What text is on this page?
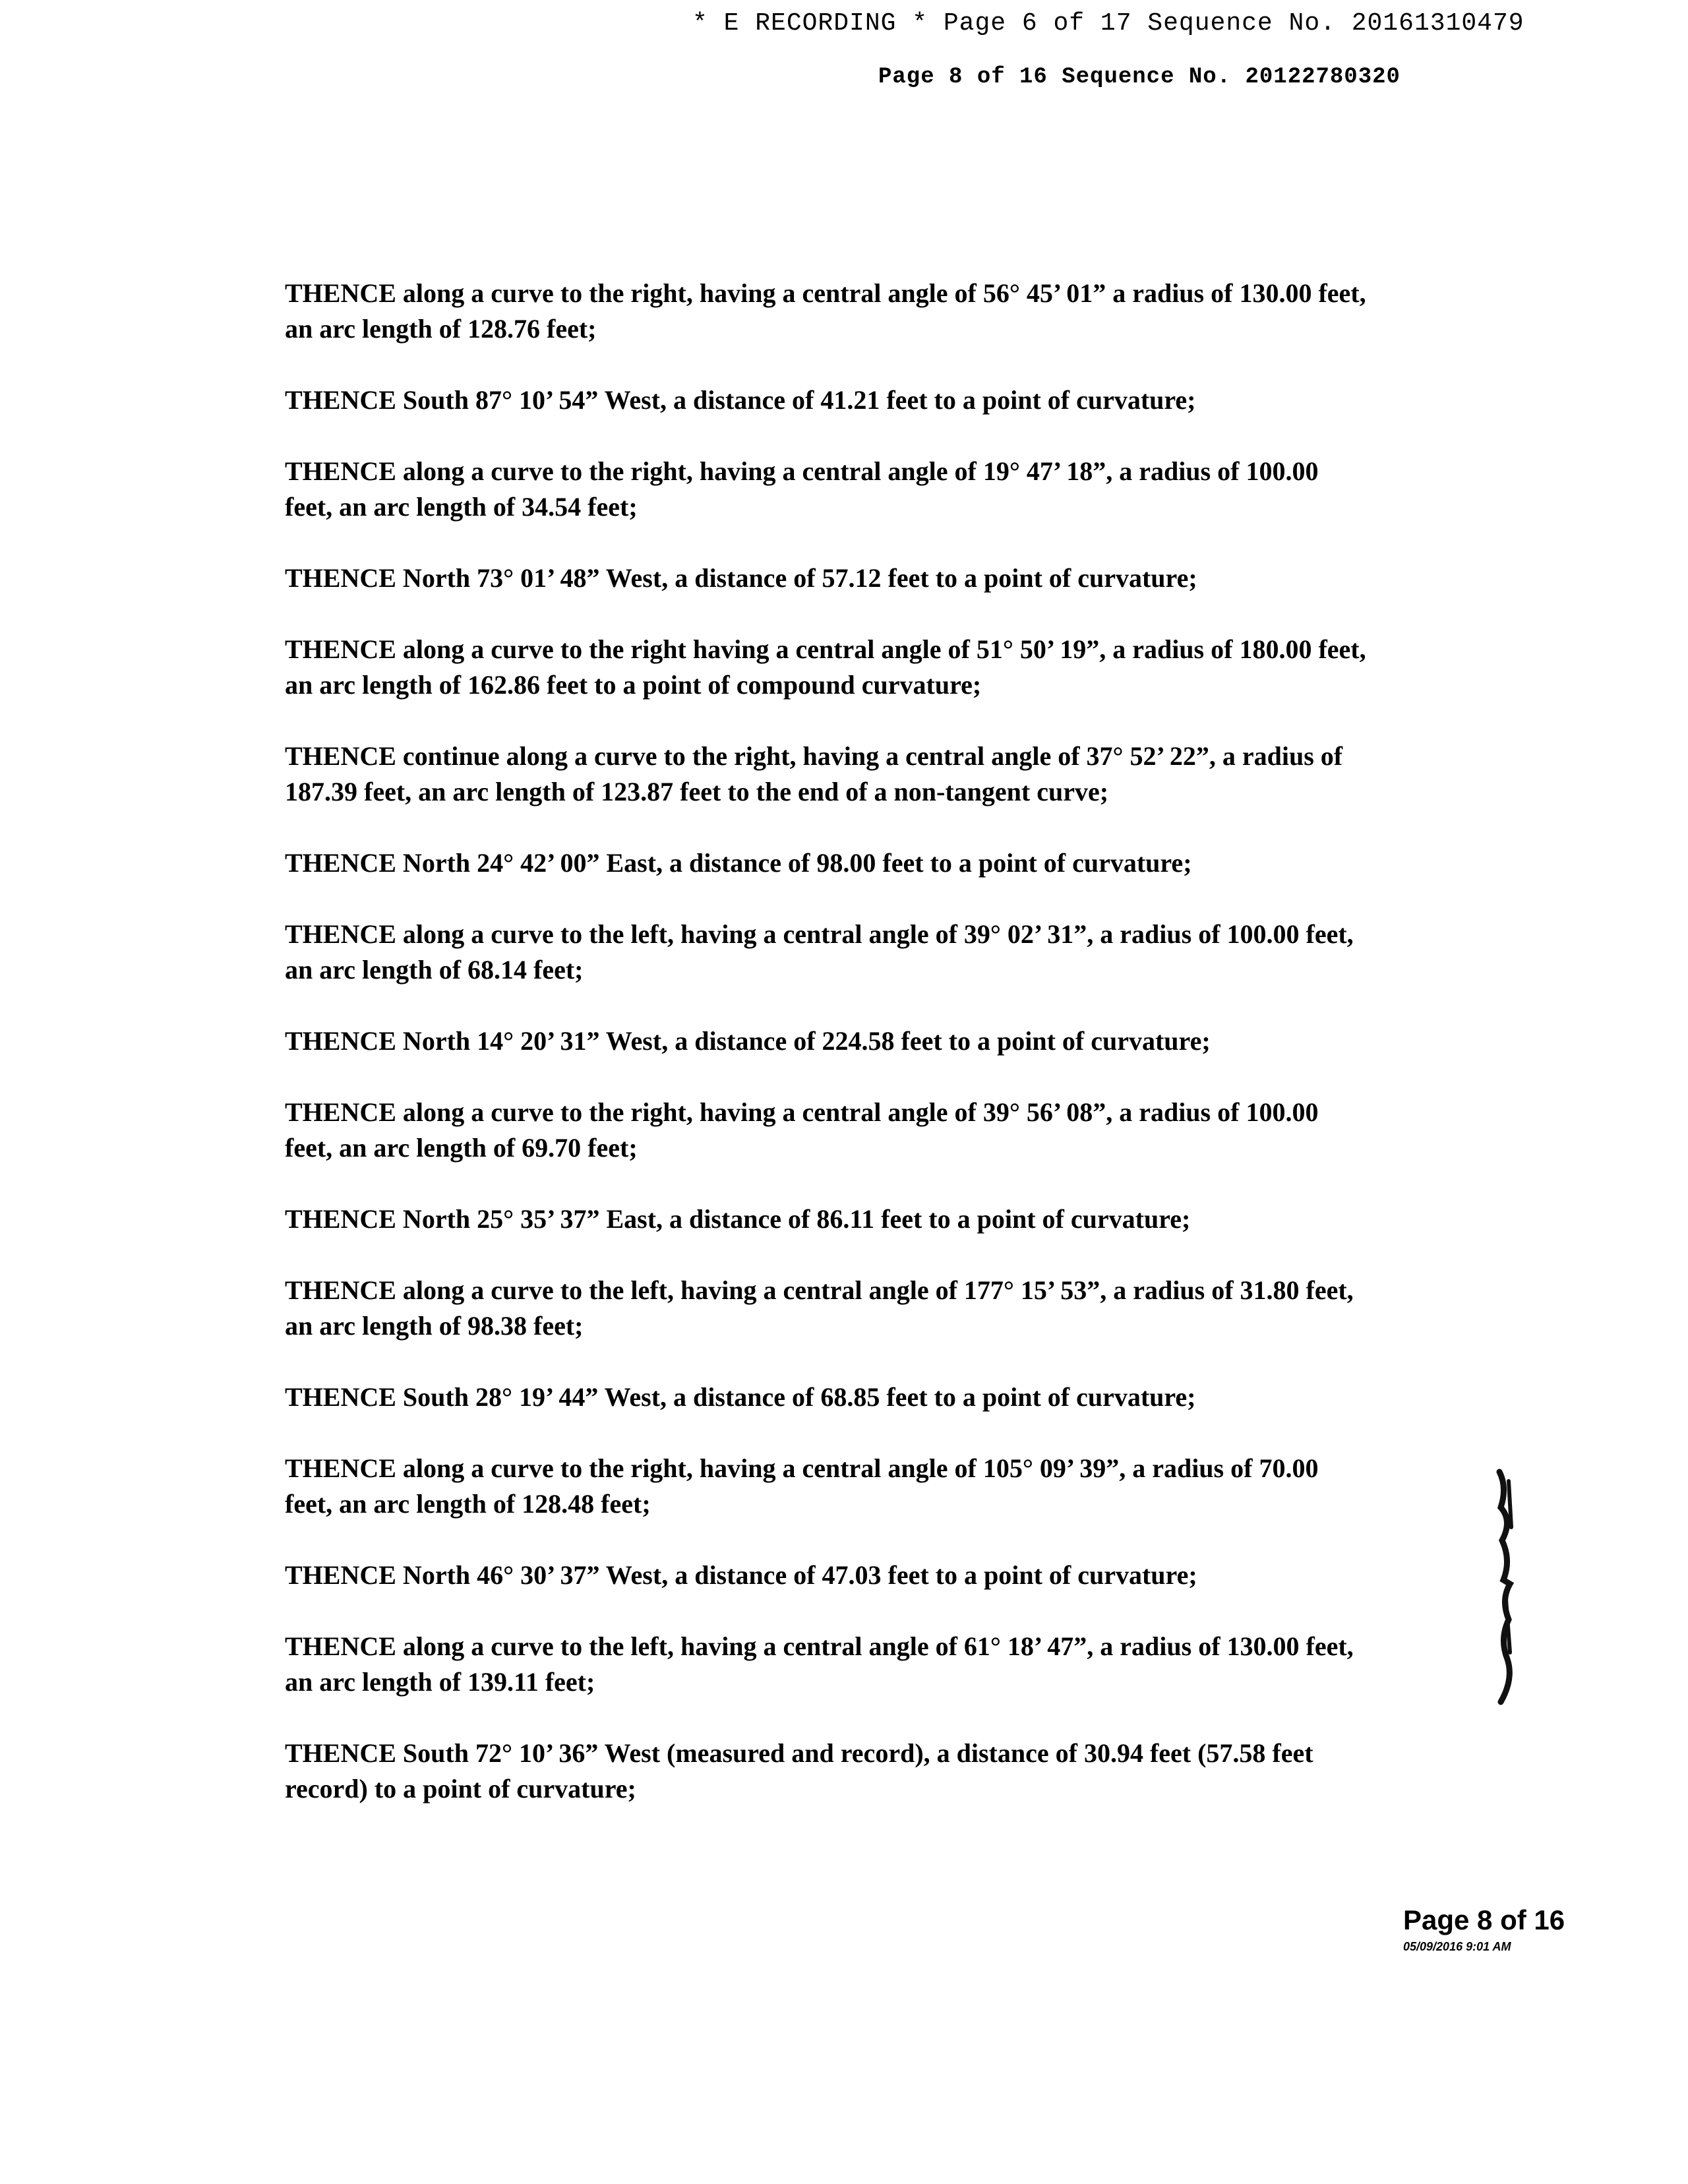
* E RECORDING * Page 6 of 17 Sequence No. 20161310479
Page 8 of 16 Sequence No. 20122780320

THENCE along a curve to the right, having a central angle of 56° 45’ 01” a radius of 130.00 feet, an arc length of 128.76 feet;

THENCE South 87° 10’ 54” West, a distance of 41.21 feet to a point of curvature;

THENCE along a curve to the right, having a central angle of 19° 47’ 18”, a radius of 100.00 feet, an arc length of 34.54 feet;

THENCE North 73° 01’ 48” West, a distance of 57.12 feet to a point of curvature;

THENCE along a curve to the right having a central angle of 51° 50’ 19”, a radius of 180.00 feet, an arc length of 162.86 feet to a point of compound curvature;

THENCE continue along a curve to the right, having a central angle of 37° 52’ 22”, a radius of 187.39 feet, an arc length of 123.87 feet to the end of a non-tangent curve;

THENCE North 24° 42’ 00” East, a distance of 98.00 feet to a point of curvature;

THENCE along a curve to the left, having a central angle of 39° 02’ 31”, a radius of 100.00 feet, an arc length of 68.14 feet;

THENCE North 14° 20’ 31” West, a distance of 224.58 feet to a point of curvature;

THENCE along a curve to the right, having a central angle of 39° 56’ 08”, a radius of 100.00 feet, an arc length of 69.70 feet;

THENCE North 25° 35’ 37” East, a distance of 86.11 feet to a point of curvature;

THENCE along a curve to the left, having a central angle of 177° 15’ 53”, a radius of 31.80 feet, an arc length of 98.38 feet;

THENCE South 28° 19’ 44” West, a distance of 68.85 feet to a point of curvature;

THENCE along a curve to the right, having a central angle of 105° 09’ 39”, a radius of 70.00 feet, an arc length of 128.48 feet;

THENCE North 46° 30’ 37” West, a distance of 47.03 feet to a point of curvature;

THENCE along a curve to the left, having a central angle of 61° 18’ 47”, a radius of 130.00 feet, an arc length of 139.11 feet;

THENCE South 72° 10’ 36” West (measured and record), a distance of 30.94 feet (57.58 feet record) to a point of curvature;

Page 8 of 16
05/09/2016 9:01 AM
